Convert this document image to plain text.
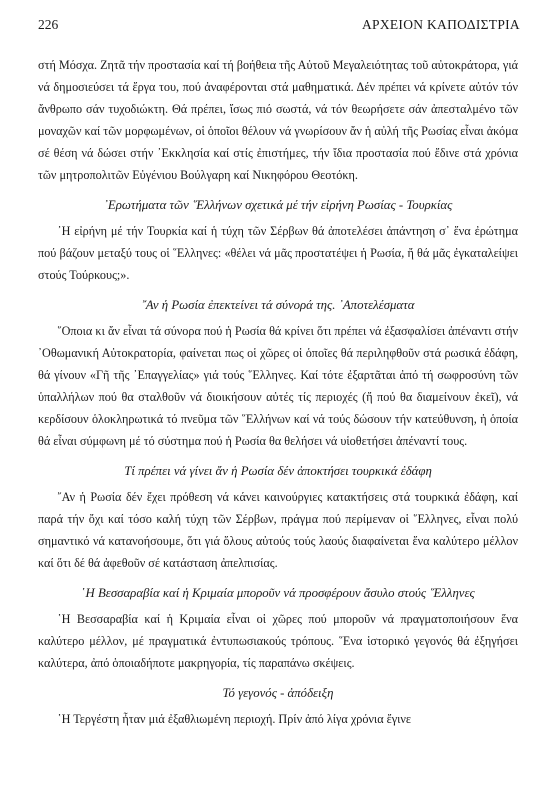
226	ΑΡΧΕΙΟΝ ΚΑΠΟΔΙΣΤΡΙΑ

στή Μόσχα. Ζητᾶ τήν προστασία καί τή βοήθεια τῆς Αὐτοῦ Μεγαλειότητας τοῦ αὐτοκράτορα, γιά νά δημοσιεύσει τά ἔργα του, πού ἀναφέρονται στά μαθηματικά. Δέν πρέπει νά κρίνετε αὐτόν τόν ἄνθρωπο σάν τυχοδιώκτη. Θά πρέπει, ἴσως πιό σωστά, νά τόν θεωρήσετε σάν ἀπεσταλμένο τῶν μοναχῶν καί τῶν μορφωμένων, οἱ ὁποῖοι θέλουν νά γνωρίσουν ἄν ἡ αὐλή τῆς Ρωσίας εἶναι ἀκόμα σέ θέση νά δώσει στήν ᾽Εκκλησία καί στίς ἐπιστήμες, τήν ἴδια προστασία πού ἔδινε στά χρόνια τῶν μητροπολιτῶν Εὐγένιου Βούλγαρη καί Νικηφόρου Θεοτόκη.

᾽Ερωτήματα τῶν ῞Ελλήνων σχετικά μέ τήν εἰρήνη Ρωσίας - Τουρκίας

᾽Η εἰρήνη μέ τήν Τουρκία καί ἡ τύχη τῶν Σέρβων θά ἀποτελέσει ἀπάντηση σ᾽ ἕνα ἐρώτημα πού βάζουν μεταξύ τους οἱ ῞Ελληνες: «θέλει νά μᾶς προστατέψει ἡ Ρωσία, ἤ θά μᾶς ἐγκαταλείψει στούς Τούρκους;».

῎Αν ἡ Ρωσία ἐπεκτείνει τά σύνορά της. ᾽Αποτελέσματα

῞Οποια κι ἄν εἶναι τά σύνορα πού ἡ Ρωσία θά κρίνει ὅτι πρέπει νά ἐξασφαλίσει ἀπέναντι στήν ᾽Οθωμανική Αὐτοκρατορία, φαίνεται πως οἱ χῶρες οἱ ὁποῖες θά περιληφθοῦν στά ρωσικά ἐδάφη, θά γίνουν «Γῆ τῆς ᾽Επαγγελίας» γιά τούς ῞Ελληνες. Καί τότε ἐξαρτᾶται ἀπό τή σωφροσύνη τῶν ὑπαλλήλων πού θα σταλθοῦν νά διοικήσουν αὐτές τίς περιοχές (ἤ πού θα διαμείνουν ἐκεῖ), νά κερδίσουν ὁλοκληρωτικά τό πνεῦμα τῶν ῞Ελλήνων καί νά τούς δώσουν τήν κατεύθυνση, ἡ ὁποία θά εἶναι σύμφωνη μέ τό σύστημα πού ἡ Ρωσία θα θελήσει νά υἱοθετήσει ἀπέναντί τους.

Τί πρέπει νά γίνει ἄν ἡ Ρωσία δέν ἀποκτήσει τουρκικά ἐδάφη

῎Αν ἡ Ρωσία δέν ἔχει πρόθεση νά κάνει καινούργιες κατακτήσεις στά τουρκικά ἐδάφη, καί παρά τήν ὄχι καί τόσο καλή τύχη τῶν Σέρβων, πράγμα πού περίμεναν οἱ ῞Ελληνες, εἶναι πολύ σημαντικό νά κατανοήσουμε, ὅτι γιά ὅλους αὐτούς τούς λαούς διαφαίνεται ἕνα καλύτερο μέλλον καί ὅτι δέ θά ἀφεθοῦν σέ κατάσταση ἀπελπισίας.

῾Η Βεσσαραβία καί ἡ Κριμαία μποροῦν νά προσφέρουν ἄσυλο στούς ῞Ελληνες

῾Η Βεσσαραβία καί ἡ Κριμαία εἶναι οἱ χῶρες πού μποροῦν νά πραγματοποιήσουν ἕνα καλύτερο μέλλον, μέ πραγματικά ἐντυπωσιακούς τρόπους. ῞Ενα ἱστορικό γεγονός θά ἐξηγήσει καλύτερα, ἀπό ὁποιαδήποτε μακρηγορία, τίς παραπάνω σκέψεις.

Τό γεγονός - ἀπόδειξη

῾Η Τεργέστη ἦταν μιά ἐξαθλιωμένη περιοχή. Πρίν ἀπό λίγα χρόνια ἔγινε
